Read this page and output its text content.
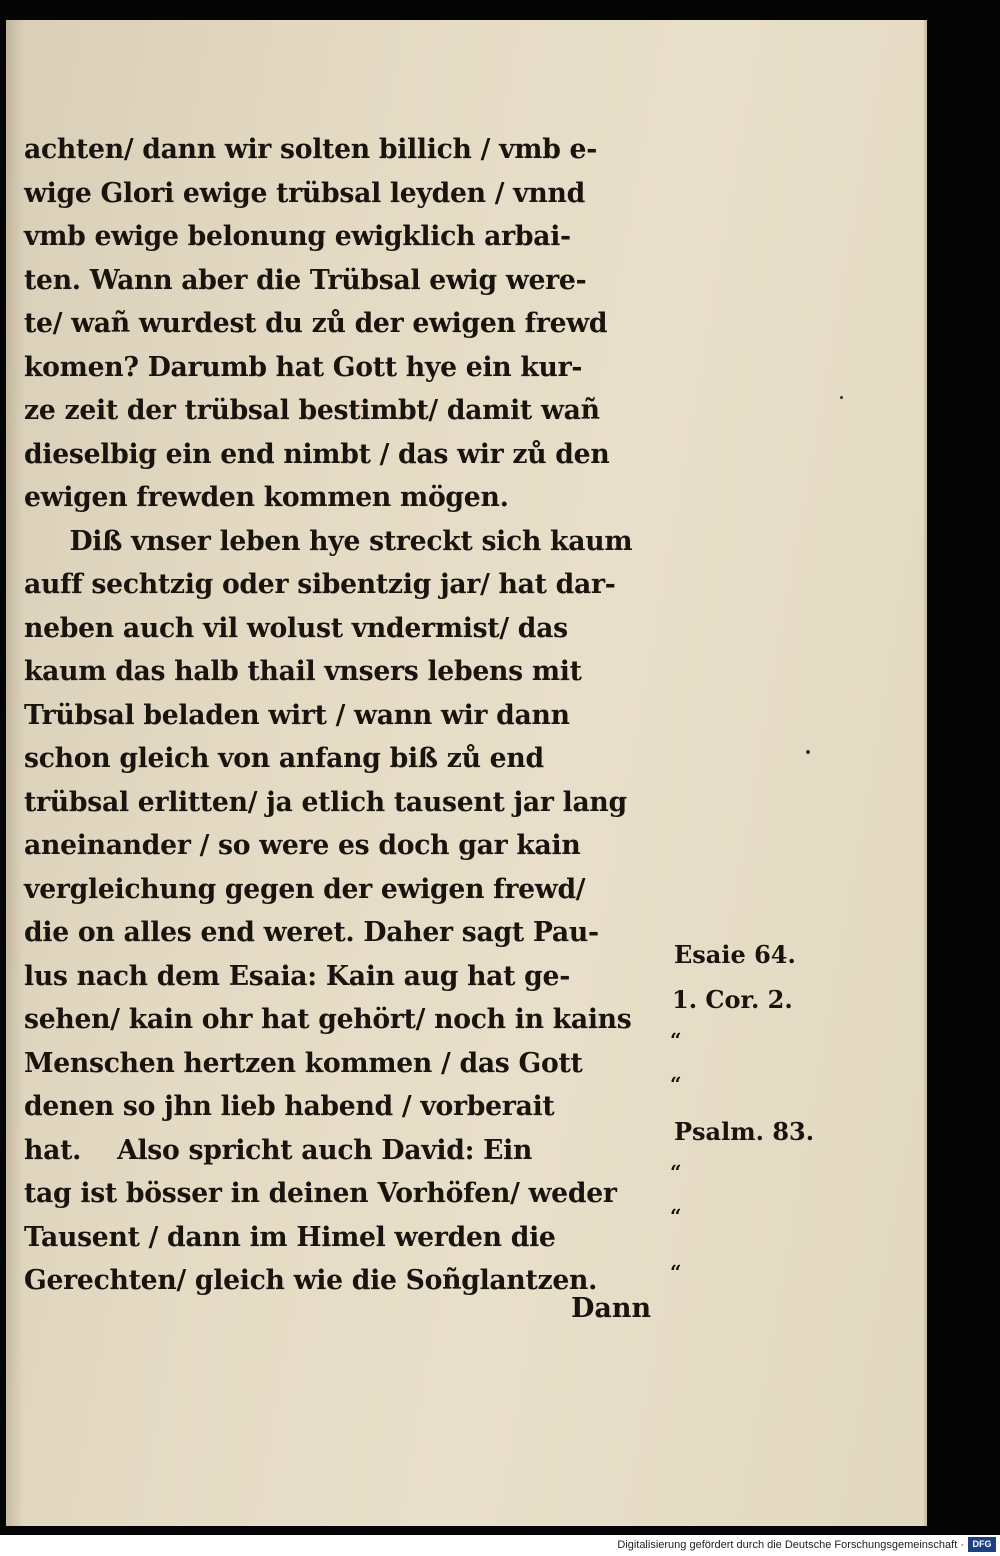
achten/ dann wir solten billich / vmb e-
wige Glori ewige trübsal leyden / vnnd
vmb ewige belonung ewigklich arbai-
ten. Wann aber die Trübsal ewig were-
te/ wañ wurdest du zů der ewigen frewd
komen? Darumb hat Gott hye ein kur-
ze zeit der trübsal bestimbt/ damit wañ
dieselbig ein end nimbt / das wir zů den
ewigen frewden kommen mögen.
Diß vnser leben hye streckt sich kaum
auff sechtzig oder sibentzig jar/ hat dar-
neben auch vil wolust vndermist/ das
kaum das halb thail vnsers lebens mit
Trübsal beladen wirt / wann wir dann
schon gleich von anfang biß zů end
trübsal erlitten/ ja etlich tausent jar lang
aneinander / so were es doch gar kain
vergleichung gegen der ewigen frewd/
die on alles end weret. Daher sagt Pau-
lus nach dem Esaia: Kain aug hat ge-
sehen/ kain ohr hat gehört/ noch in kains
Menschen hertzen kommen / das Gott
denen so jhn lieb habend / vorberait
hat.    Also spricht auch David: Ein
tag ist bösser in deinen Vorhöfen/ weder
Tausent / dann im Himel werden die
Gerechten/ gleich wie die Soñglantzen.
Dann
Esaie 64.
1. Cor. 2.
Psalm. 83.
“
“
“
“
“
Digitalisierung gefördert durch die Deutsche Forschungsgemeinschaft · DFG
